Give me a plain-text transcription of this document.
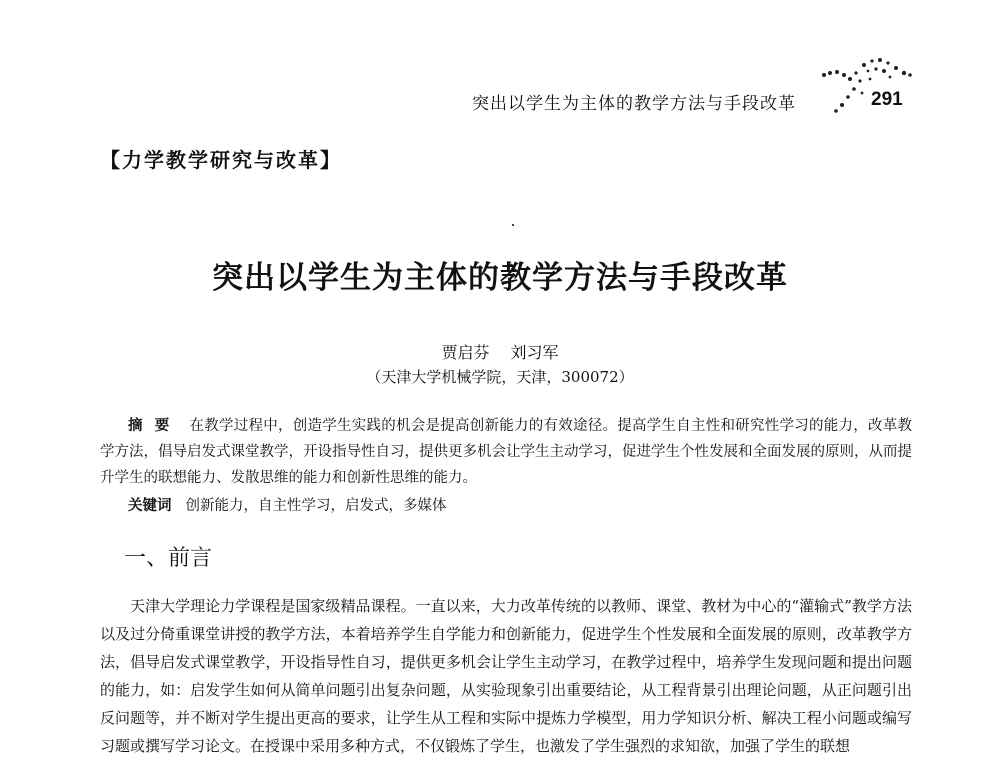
突出以学生为主体的教学方法与手段改革	291
【力学教学研究与改革】
突出以学生为主体的教学方法与手段改革
贾启芬 刘习军
（天津大学机械学院，天津，300072）

摘要 在教学过程中，创造学生实践的机会是提高创新能力的有效途径。提高学生自主性和研究性学习的能力，改革教学方法，倡导启发式课堂教学，开设指导性自习，提供更多机会让学生主动学习，促进学生个性发展和全面发展的原则，从而提升学生的联想能力、发散思维的能力和创新性思维的能力。

关键词 创新能力，自主性学习，启发式，多媒体

一、前言

天津大学理论力学课程是国家级精品课程。一直以来，大力改革传统的以教师、课堂、教材为中心的“灌输式”教学方法以及过分倚重课堂讲授的教学方法，本着培养学生自学能力和创新能力，促进学生个性发展和全面发展的原则，改革教学方法，倡导启发式课堂教学，开设指导性自习，提供更多机会让学生主动学习，在教学过程中，培养学生发现问题和提出问题的能力，如：启发学生如何从简单问题引出复杂问题，从实验现象引出重要结论，从工程背景引出理论问题，从正问题引出反问题等，并不断对学生提出更高的要求，让学生从工程和实际中提炼力学模型，用力学知识分析、解决工程小问题或编写习题或撰写学习论文。在授课中采用多种方式，不仅锻炼了学生，也激发了学生强烈的求知欲，加强了学生的联想
